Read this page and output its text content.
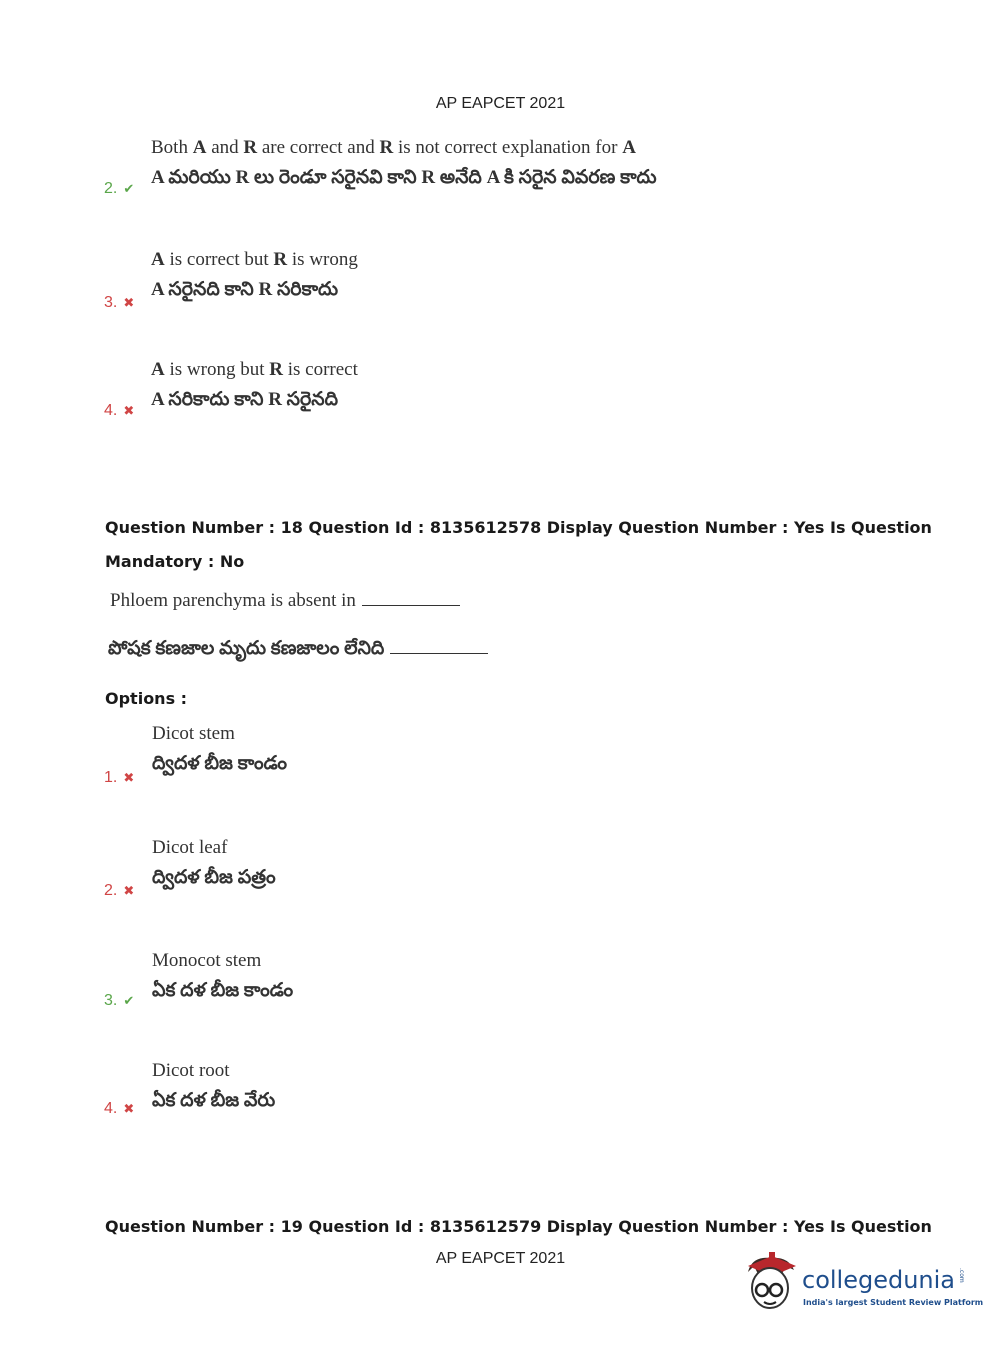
AP EAPCET 2021
Both A and R are correct and R is not correct explanation for A
A మరియు R లు రెండూ సరైనవి కాని R అనేది A కి సరైన వివరణ కాదు
2. ✔
A is correct but R is wrong
A సరైనది కాని R సరికాదు
3. ✖
A is wrong but R is correct
A సరికాదు కాని R సరైనది
4. ✖
Question Number : 18 Question Id : 8135612578 Display Question Number : Yes Is Question
Mandatory : No
Phloem parenchyma is absent in
పోషక కణజాల మృదు కణజాలం లేనిది
Options :
Dicot stem
ద్విదళ బీజ కాండం
1. ✖
Dicot leaf
ద్విదళ బీజ పత్రం
2. ✖
Monocot stem
ఏక దళ బీజ కాండం
3. ✔
Dicot root
ఏక దళ బీజ వేరు
4. ✖
Question Number : 19 Question Id : 8135612579 Display Question Number : Yes Is Question
AP EAPCET 2021
collegedunia .com
India's largest Student Review Platform
